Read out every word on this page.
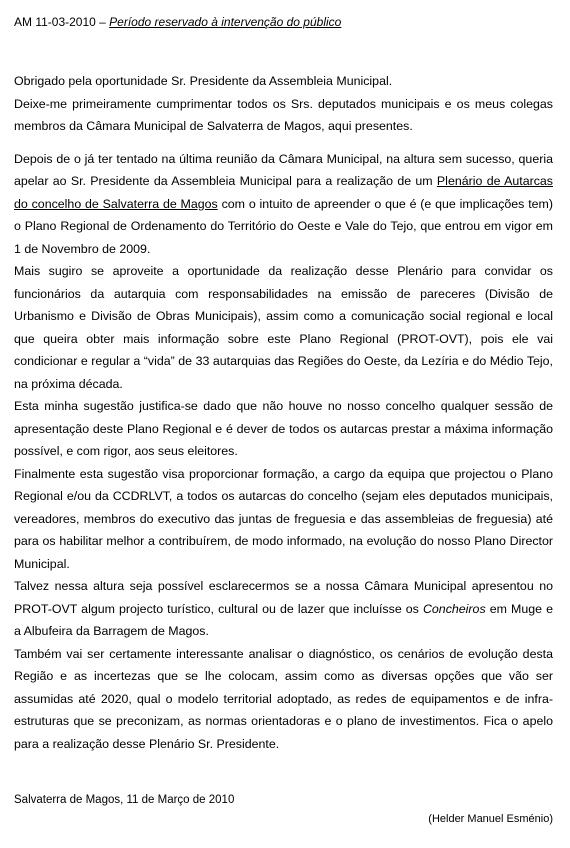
AM 11-03-2010 – Período reservado à intervenção do público

Obrigado pela oportunidade Sr. Presidente da Assembleia Municipal.

Deixe-me primeiramente cumprimentar todos os Srs. deputados municipais e os meus colegas membros da Câmara Municipal de Salvaterra de Magos, aqui presentes.

Depois de o já ter tentado na última reunião da Câmara Municipal, na altura sem sucesso, queria apelar ao Sr. Presidente da Assembleia Municipal para a realização de um Plenário de Autarcas do concelho de Salvaterra de Magos com o intuito de apreender o que é (e que implicações tem) o Plano Regional de Ordenamento do Território do Oeste e Vale do Tejo, que entrou em vigor em 1 de Novembro de 2009.

Mais sugiro se aproveite a oportunidade da realização desse Plenário para convidar os funcionários da autarquia com responsabilidades na emissão de pareceres (Divisão de Urbanismo e Divisão de Obras Municipais), assim como a comunicação social regional e local que queira obter mais informação sobre este Plano Regional (PROT-OVT), pois ele vai condicionar e regular a “vida” de 33 autarquias das Regiões do Oeste, da Lezíria e do Médio Tejo, na próxima década.

Esta minha sugestão justifica-se dado que não houve no nosso concelho qualquer sessão de apresentação deste Plano Regional e é dever de todos os autarcas prestar a máxima informação possível, e com rigor, aos seus eleitores.

Finalmente esta sugestão visa proporcionar formação, a cargo da equipa que projectou o Plano Regional e/ou da CCDRLVT, a todos os autarcas do concelho (sejam eles deputados municipais, vereadores, membros do executivo das juntas de freguesia e das assembleias de freguesia) até para os habilitar melhor a contribuírem, de modo informado, na evolução do nosso Plano Director Municipal.

Talvez nessa altura seja possível esclarecermos se a nossa Câmara Municipal apresentou no PROT-OVT algum projecto turístico, cultural ou de lazer que incluísse os Concheiros em Muge e a Albufeira da Barragem de Magos.

Também vai ser certamente interessante analisar o diagnóstico, os cenários de evolução desta Região e as incertezas que se lhe colocam, assim como as diversas opções que vão ser assumidas até 2020, qual o modelo territorial adoptado, as redes de equipamentos e de infra-estruturas que se preconizam, as normas orientadoras e o plano de investimentos. Fica o apelo para a realização desse Plenário Sr. Presidente.

Salvaterra de Magos, 11 de Março de 2010
(Helder Manuel Esménio)
